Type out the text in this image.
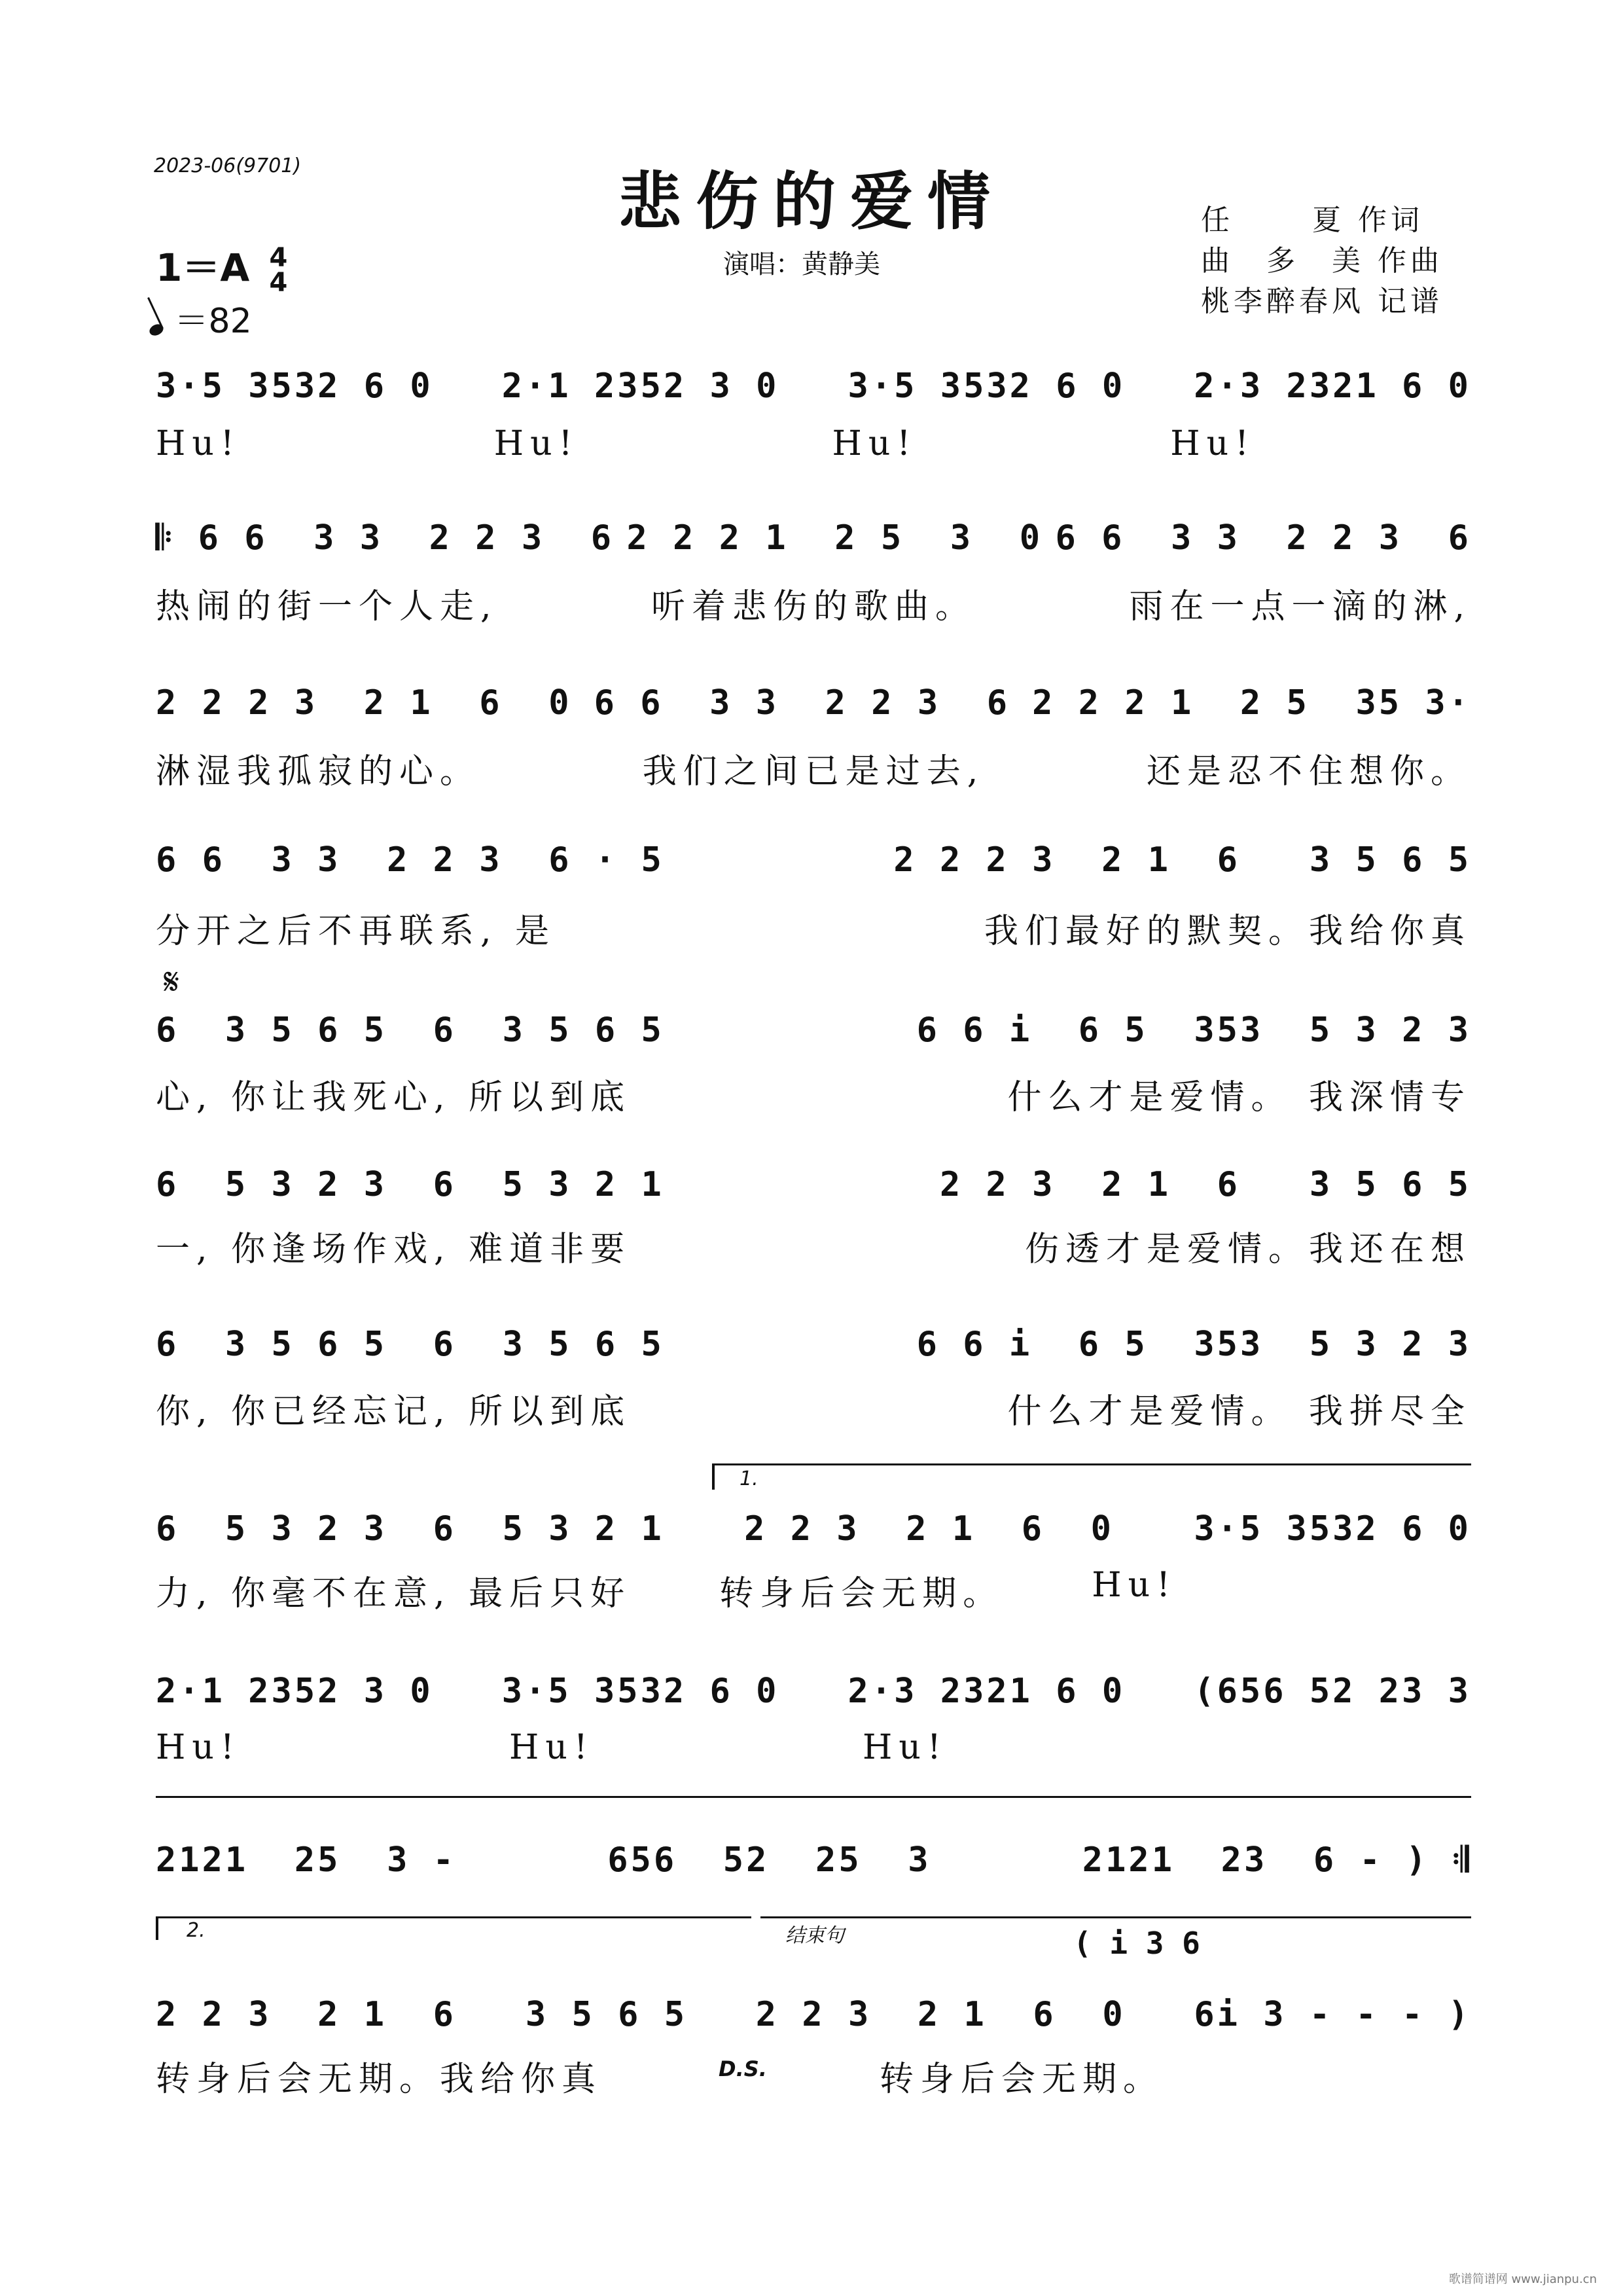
2023-06(9701)	悲伤的爱情
演唱：黄静美
任　　 夏 作词
曲　多　美 作曲
桃李醉春风 记谱
1＝A 4
4
＝82
3·5 3532 6 0 2·1 2352 3 0 3·5 3532 6 0 2·3 2321 6 0
Hu!	Hu!	Hu!	Hu!
𝄆 6 6  3 3  2 2 3  6 2 2 2 1  2 5  3  0 6 6  3 3  2 2 3  6
热闹的街一个人走,	听着悲伤的歌曲。	雨在一点一滴的淋,
2 2 2 3  2 1  6  0 6 6  3 3  2 2 3  6 2 2 2 1  2 5  35 3·
淋湿我孤寂的心。	我们之间已是过去,	还是忍不住想你。
6 6  3 3  2 2 3  6 · 5	2 2 2 3  2 1  6   3 5 6 5
分开之后不再联系, 是	我们最好的默契。我给你真
𝄋
6  3 5 6 5  6  3 5 6 5	6 6 i  6 5  353  5 3 2 3
心, 你让我死心, 所以到底	什么才是爱情。 我深情专
6  5 3 2 3  6  5 3 2 1	2 2 3  2 1  6   3 5 6 5
一, 你逢场作戏, 难道非要	伤透才是爱情。我还在想
6  3 5 6 5  6  3 5 6 5	6 6 i  6 5  353  5 3 2 3
你, 你已经忘记, 所以到底	什么才是爱情。 我拼尽全
1.
6  5 3 2 3  6  5 3 2 1 2 2 3  2 1  6  0 3·5 3532 6 0
力, 你毫不在意, 最后只好	转身后会无期。	Hu!
2·1 2352 3 0 3·5 3532 6 0 2·3 2321 6 0 (656 52 23 3
Hu!	Hu!	Hu!
2121  25  3 -	656  52  25  3	2121  23  6 - ) 𝄇
2.	结束句	( i 3 6
2 2 3  2 1  6   3 5 6 5 2 2 3  2 1  6  0 6i 3 - - - )
转身后会无期。我给你真	转身后会无期。
D.S.
歌谱简谱网 www.jianpu.cn
